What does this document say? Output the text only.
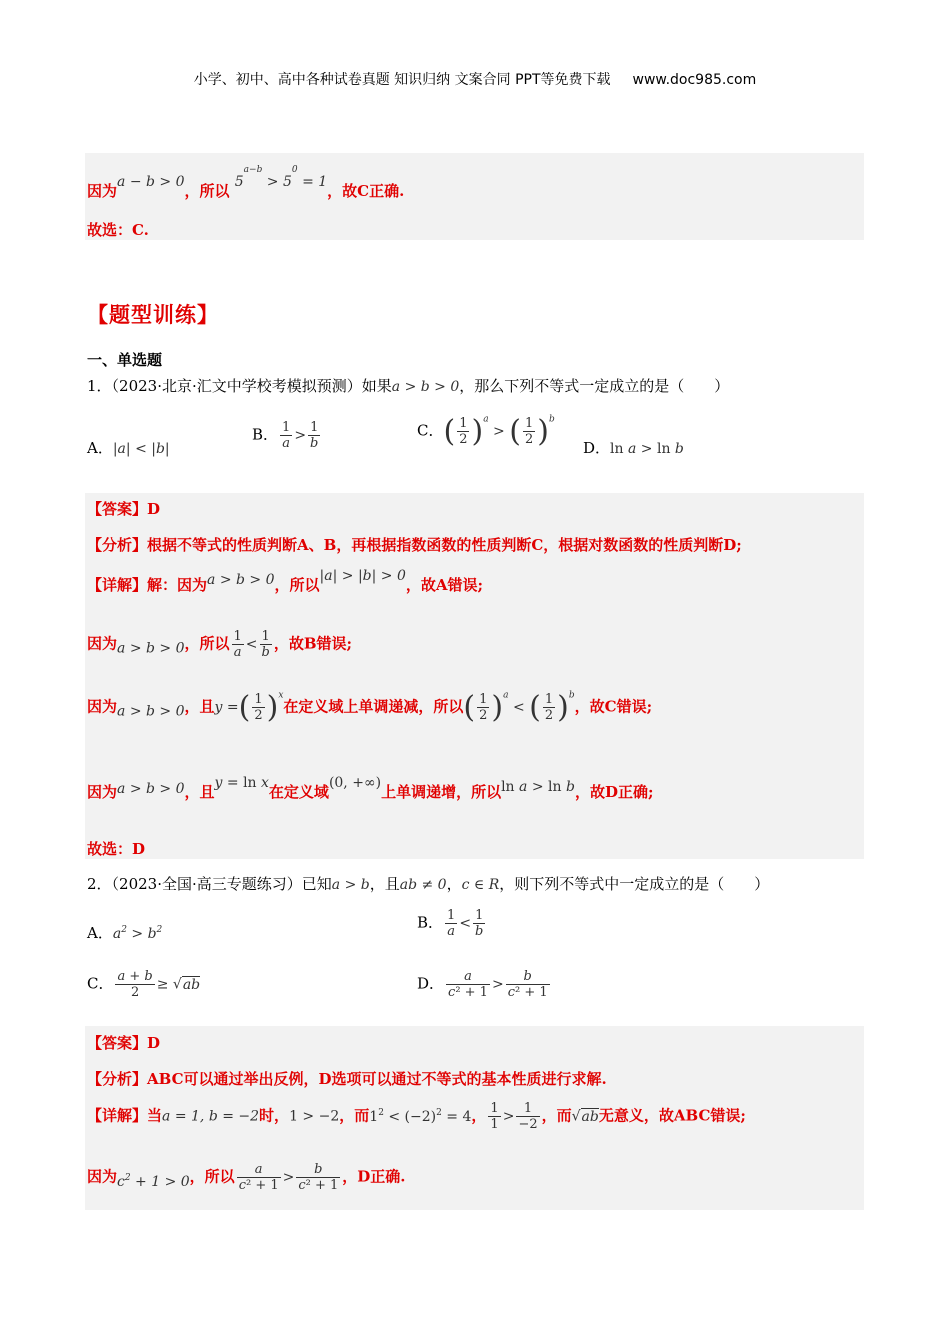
小学、初中、高中各种试卷真题 知识归纳 文案合同 PPT等免费下载 www.doc985.com
因为a − b > 0，所以 $5^{a-b} > 5^0 = 1$，故C正确.
故选：C.
【题型训练】
一、单选题
1．（2023·北京·汇文中学校考模拟预测）如果a > b > 0，那么下列不等式一定成立的是（　　）
A．|a| < |b|
B． $\frac{1}{a} > \frac{1}{b}$	C．( $\frac{1}{2} )^a$ > ( $\frac{1}{2} )^b$
D．ln a > ln b
【答案】D
【分析】根据不等式的性质判断A、B，再根据指数函数的性质判断C，根据对数函数的性质判断D;
【详解】解：因为a > b > 0，所以|a| > |b| > 0，故A错误;
因为a > b > 0，所以 $\frac{1}{a} < \frac{1}{b}$ ，故B错误;
因为a > b > 0，且y =( $\frac{1}{2} )^x$在定义域上单调递减，所以( $\frac{1}{2} )^a$ < ( $\frac{1}{2} )^b$，故C错误;
因为a > b > 0，且y = ln x在定义域(0, +∞)上单调递增，所以ln a > ln b，故D正确;
故选：D
2．（2023·全国·高三专题练习）已知a > b，且ab ≠ 0，c ∈ R，则下列不等式中一定成立的是（　　）
A．$a^2 > b^2$	B． $\frac{1}{a} < \frac{1}{b}$
C． $\frac{a + b}{2} \ge √ab$	D． $\frac{a}{\text{c² + 1}} > \frac{b}{\text{c² + 1}}$
【答案】D
【分析】ABC可以通过举出反例，D选项可以通过不等式的基本性质进行求解.
【详解】当a = 1, b = −2时，1 > −2，而$1^2 < (-2)^2 = 4$， $\frac{1}{1} > \frac{1}{-2}$ ，而√ab无意义，故ABC错误;
因为$c^2 + 1 > 0$，所以 $\frac{a}{\text{c² + 1}} > \frac{b}{\text{c² + 1}}$ ，D正确.
